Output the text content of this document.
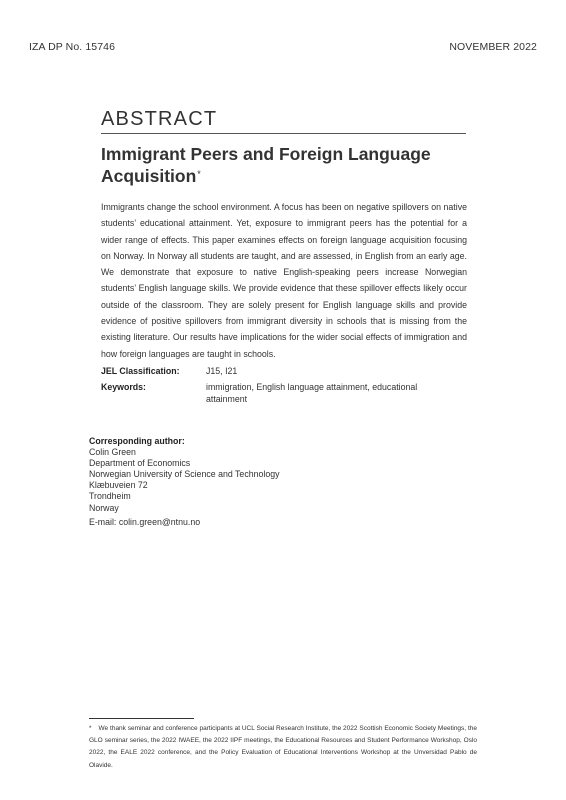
IZA DP No. 15746	NOVEMBER 2022
ABSTRACT
Immigrant Peers and Foreign Language Acquisition*

Immigrants change the school environment. A focus has been on negative spillovers on native students’ educational attainment. Yet, exposure to immigrant peers has the potential for a wider range of effects. This paper examines effects on foreign language acquisition focusing on Norway. In Norway all students are taught, and are assessed, in English from an early age. We demonstrate that exposure to native English-speaking peers increase Norwegian students’ English language skills. We provide evidence that these spillover effects likely occur outside of the classroom. They are solely present for English language skills and provide evidence of positive spillovers from immigrant diversity in schools that is missing from the existing literature. Our results have implications for the wider social effects of immigration and how foreign languages are taught in schools.

JEL Classification:	J15, I21
Keywords:	immigration, English language attainment, educational attainment
Corresponding author:
Colin Green
Department of Economics
Norwegian University of Science and Technology
Klæbuveien 72
Trondheim
Norway
E-mail: colin.green@ntnu.no

* We thank seminar and conference participants at UCL Social Research Institute, the 2022 Scottish Economic Society Meetings, the GLO seminar series, the 2022 IWAEE, the 2022 IIPF meetings, the Educational Resources and Student Performance Workshop, Oslo 2022, the EALE 2022 conference, and the Policy Evaluation of Educational Interventions Workshop at the Unversidad Pablo de Olavide.
